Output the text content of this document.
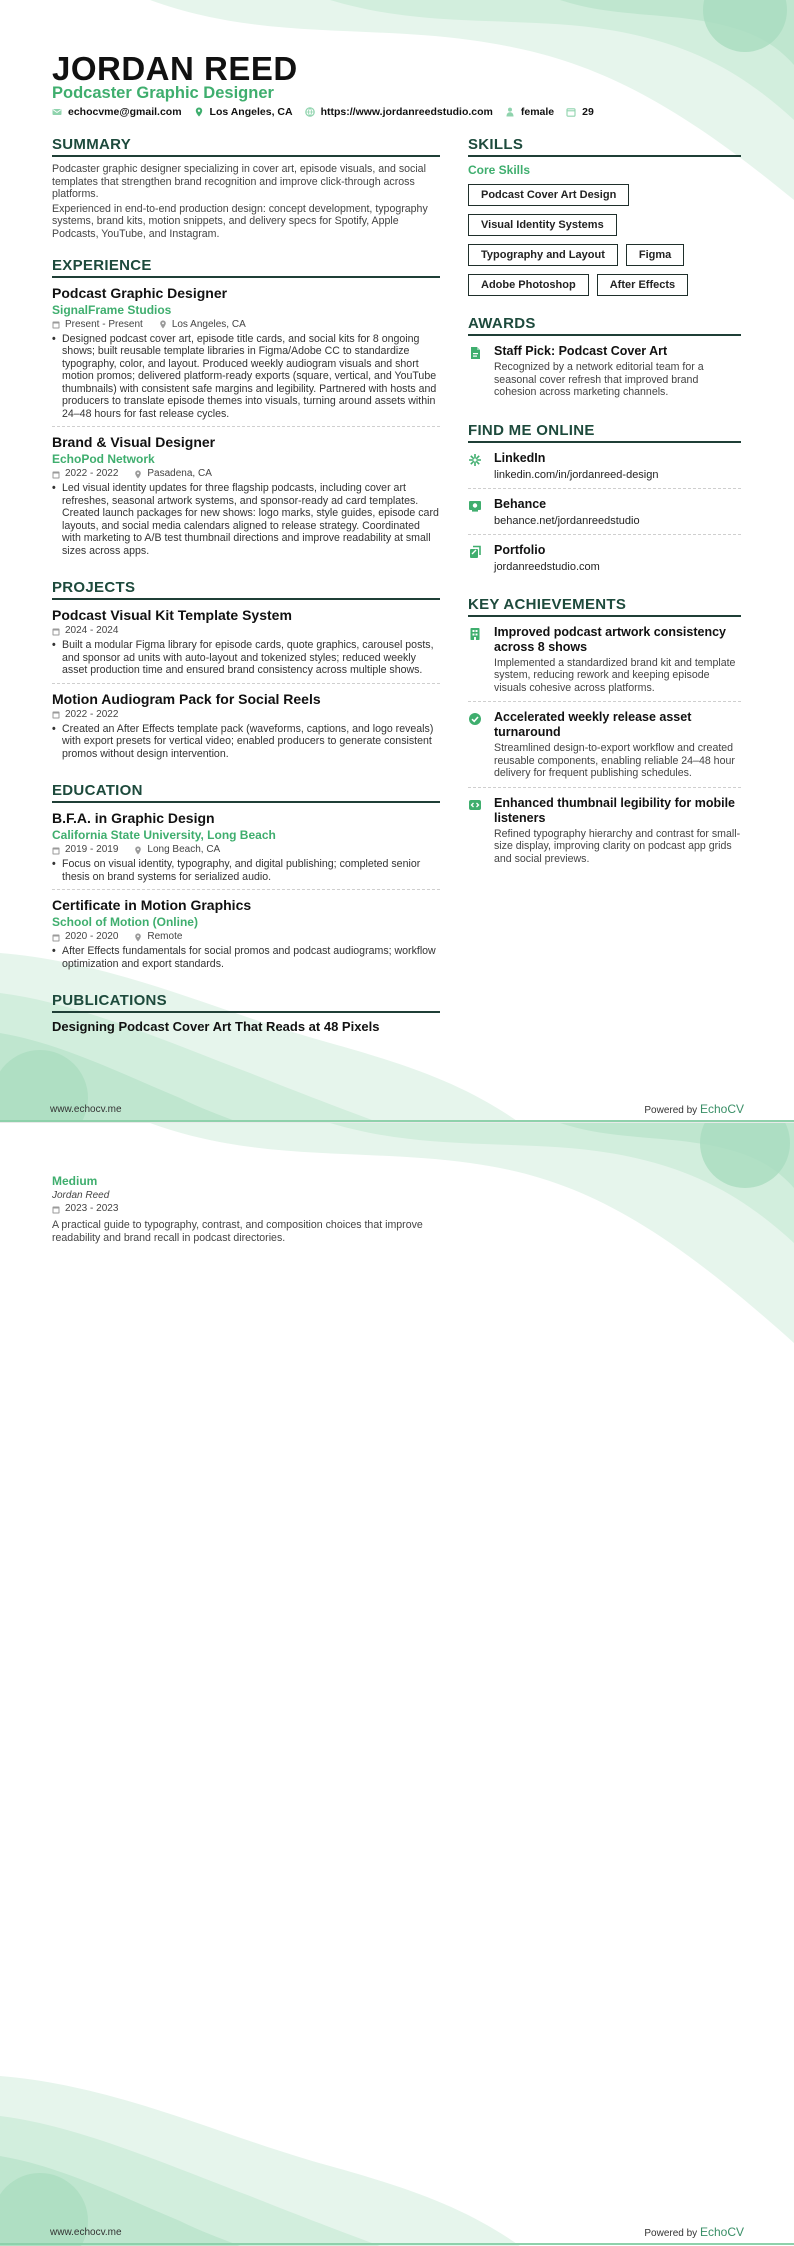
JORDAN REED
Podcaster Graphic Designer
echocvme@gmail.com	Los Angeles, CA	https://www.jordanreedstudio.com	female	29
SUMMARY
Podcaster graphic designer specializing in cover art, episode visuals, and social templates that strengthen brand recognition and improve click-through across platforms.
Experienced in end-to-end production design: concept development, typography systems, brand kits, motion snippets, and delivery specs for Spotify, Apple Podcasts, YouTube, and Instagram.
EXPERIENCE
Podcast Graphic Designer
SignalFrame Studios
Present - Present	Los Angeles, CA
• Designed podcast cover art, episode title cards, and social kits for 8 ongoing shows; built reusable template libraries in Figma/Adobe CC to standardize typography, color, and layout. Produced weekly audiogram visuals and short motion promos; delivered platform-ready exports (square, vertical, and YouTube thumbnails) with consistent safe margins and legibility. Partnered with hosts and producers to translate episode themes into visuals, turning around assets within 24–48 hours for fast release cycles.
Brand & Visual Designer
EchoPod Network
2022 - 2022	Pasadena, CA
• Led visual identity updates for three flagship podcasts, including cover art refreshes, seasonal artwork systems, and sponsor-ready ad card templates. Created launch packages for new shows: logo marks, style guides, episode card layouts, and social media calendars aligned to release strategy. Coordinated with marketing to A/B test thumbnail directions and improve readability at small sizes across apps.
PROJECTS
Podcast Visual Kit Template System
2024 - 2024
• Built a modular Figma library for episode cards, quote graphics, carousel posts, and sponsor ad units with auto-layout and tokenized styles; reduced weekly asset production time and ensured brand consistency across multiple shows.
Motion Audiogram Pack for Social Reels
2022 - 2022
• Created an After Effects template pack (waveforms, captions, and logo reveals) with export presets for vertical video; enabled producers to generate consistent promos without design intervention.
EDUCATION
B.F.A. in Graphic Design
California State University, Long Beach
2019 - 2019	Long Beach, CA
• Focus on visual identity, typography, and digital publishing; completed senior thesis on brand systems for serialized audio.
Certificate in Motion Graphics
School of Motion (Online)
2020 - 2020	Remote
• After Effects fundamentals for social promos and podcast audiograms; workflow optimization and export standards.
PUBLICATIONS
Designing Podcast Cover Art That Reads at 48 Pixels
SKILLS
Core Skills
Podcast Cover Art Design
Visual Identity Systems
Typography and Layout	Figma
Adobe Photoshop	After Effects
AWARDS
Staff Pick: Podcast Cover Art
Recognized by a network editorial team for a seasonal cover refresh that improved brand cohesion across marketing channels.
FIND ME ONLINE
LinkedIn
linkedin.com/in/jordanreed-design
Behance
behance.net/jordanreedstudio
Portfolio
jordanreedstudio.com
KEY ACHIEVEMENTS
Improved podcast artwork consistency across 8 shows
Implemented a standardized brand kit and template system, reducing rework and keeping episode visuals cohesive across platforms.
Accelerated weekly release asset turnaround
Streamlined design-to-export workflow and created reusable components, enabling reliable 24–48 hour delivery for frequent publishing schedules.
Enhanced thumbnail legibility for mobile listeners
Refined typography hierarchy and contrast for small-size display, improving clarity on podcast app grids and social previews.
www.echocv.me	Powered by EchoCV
Medium
Jordan Reed
2023 - 2023
A practical guide to typography, contrast, and composition choices that improve readability and brand recall in podcast directories.
www.echocv.me	Powered by EchoCV
